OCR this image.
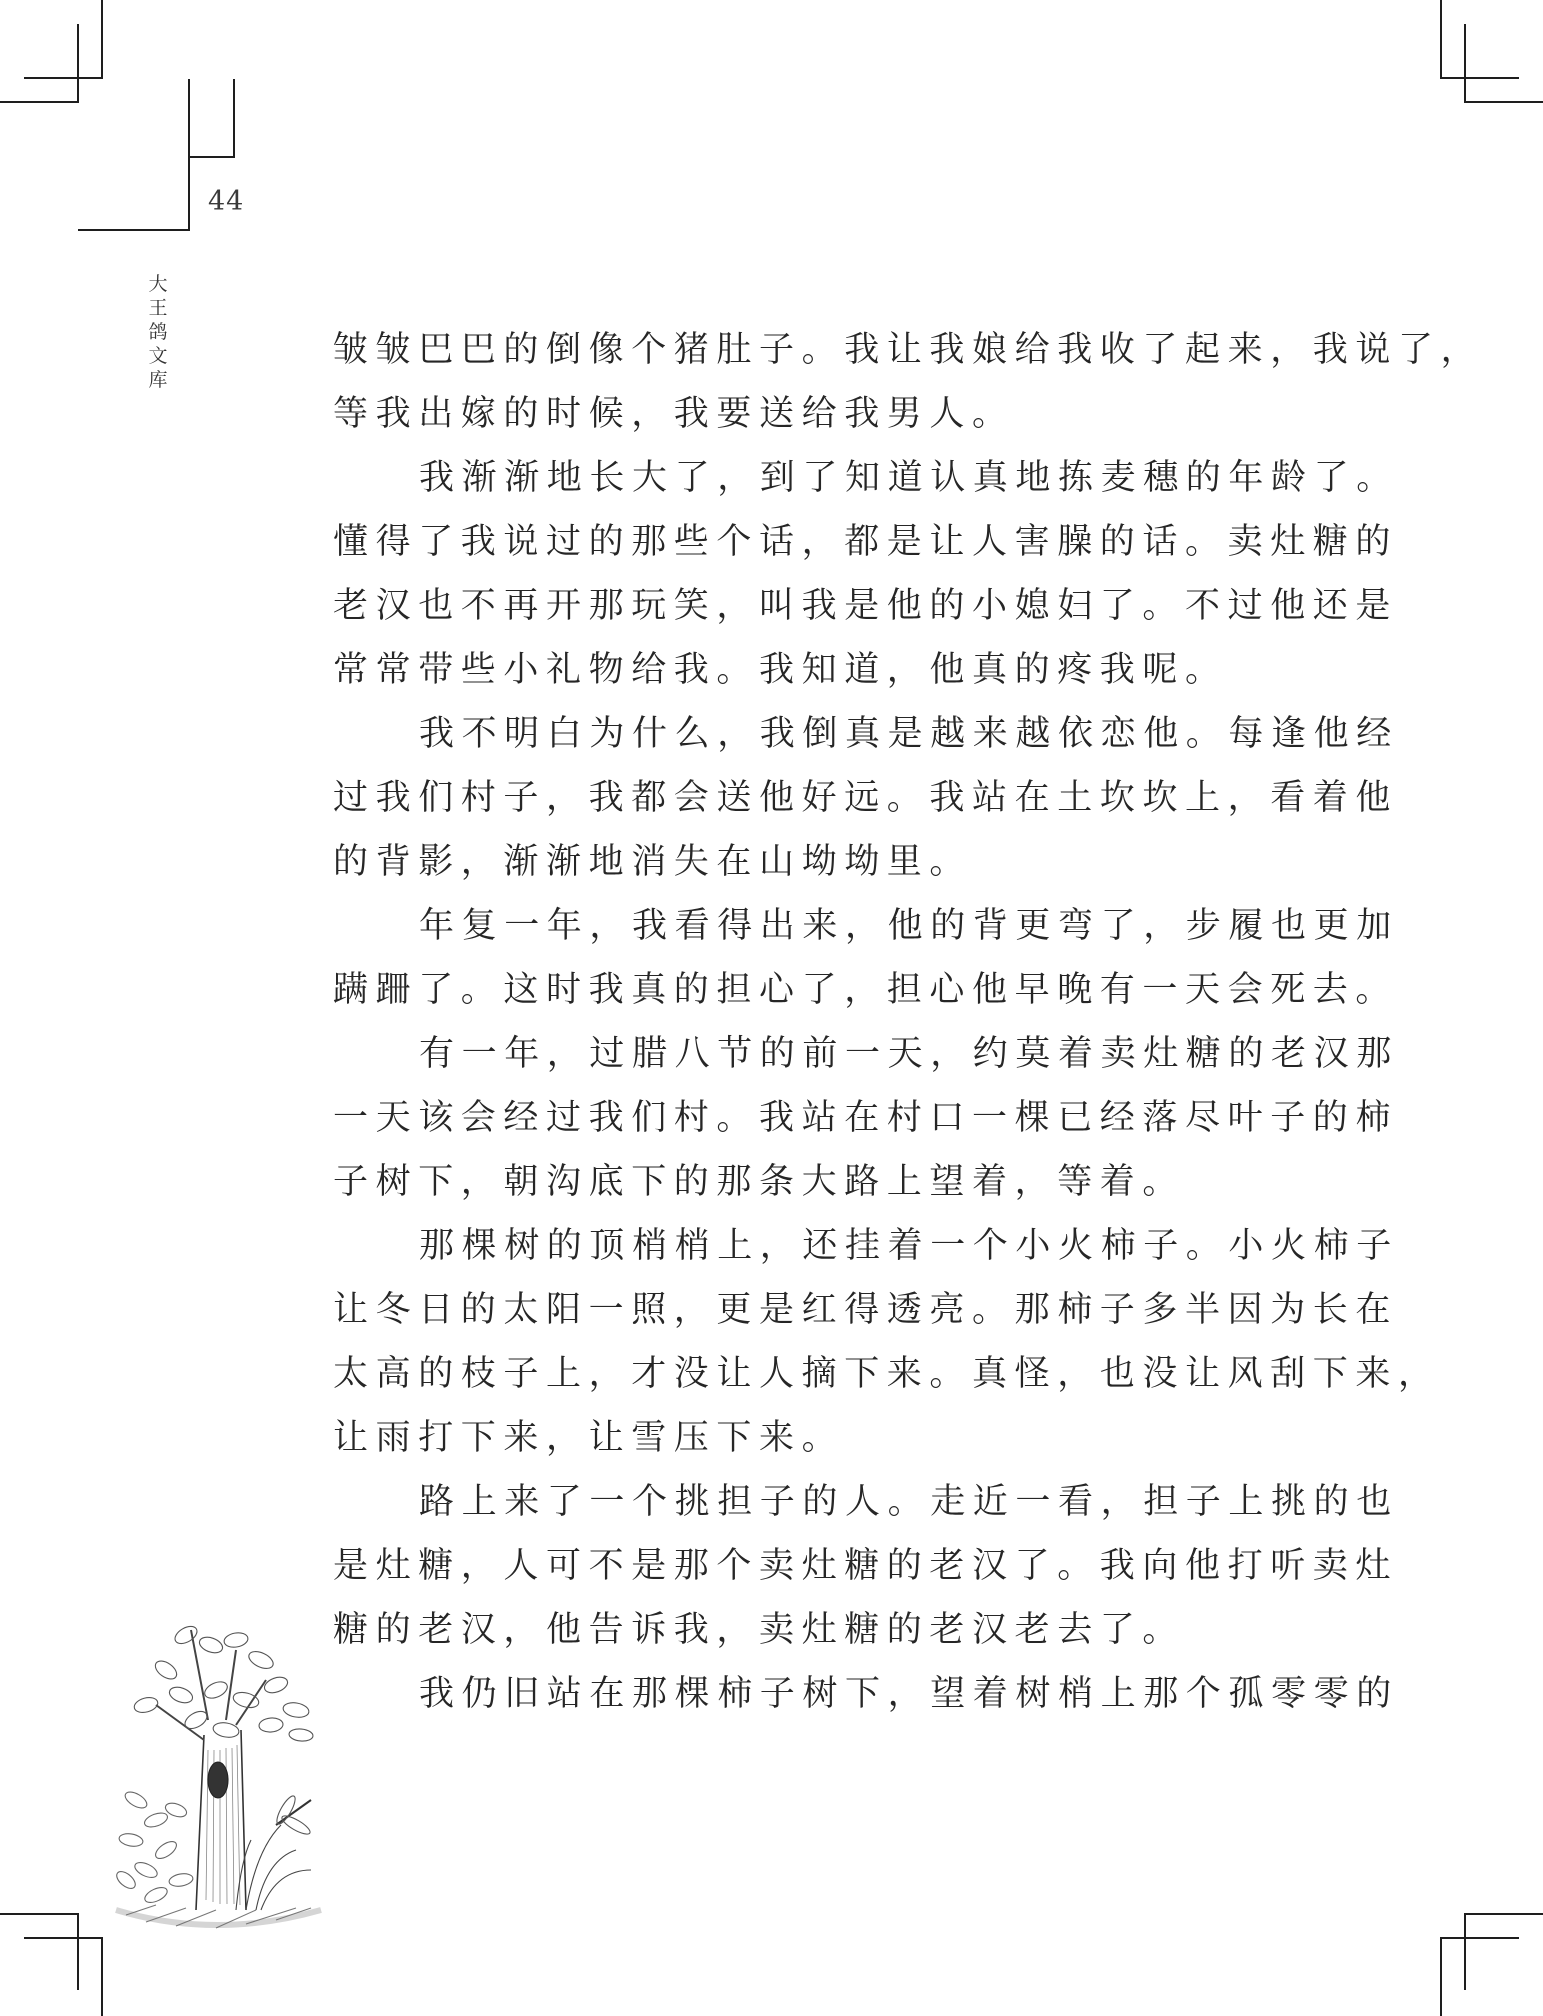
44
大王鸽文库
皱皱巴巴的倒像个猪肚子。我让我娘给我收了起来，我说了，
等我出嫁的时候，我要送给我男人。
我渐渐地长大了，到了知道认真地拣麦穗的年龄了。
懂得了我说过的那些个话，都是让人害臊的话。卖灶糖的
老汉也不再开那玩笑，叫我是他的小媳妇了。不过他还是
常常带些小礼物给我。我知道，他真的疼我呢。
我不明白为什么，我倒真是越来越依恋他。每逢他经
过我们村子，我都会送他好远。我站在土坎坎上，看着他
的背影，渐渐地消失在山坳坳里。
年复一年，我看得出来，他的背更弯了，步履也更加
蹒跚了。这时我真的担心了，担心他早晚有一天会死去。
有一年，过腊八节的前一天，约莫着卖灶糖的老汉那
一天该会经过我们村。我站在村口一棵已经落尽叶子的柿
子树下，朝沟底下的那条大路上望着，等着。
那棵树的顶梢梢上，还挂着一个小火柿子。小火柿子
让冬日的太阳一照，更是红得透亮。那柿子多半因为长在
太高的枝子上，才没让人摘下来。真怪，也没让风刮下来，
让雨打下来，让雪压下来。
路上来了一个挑担子的人。走近一看，担子上挑的也
是灶糖，人可不是那个卖灶糖的老汉了。我向他打听卖灶
糖的老汉，他告诉我，卖灶糖的老汉老去了。
我仍旧站在那棵柿子树下，望着树梢上那个孤零零的
